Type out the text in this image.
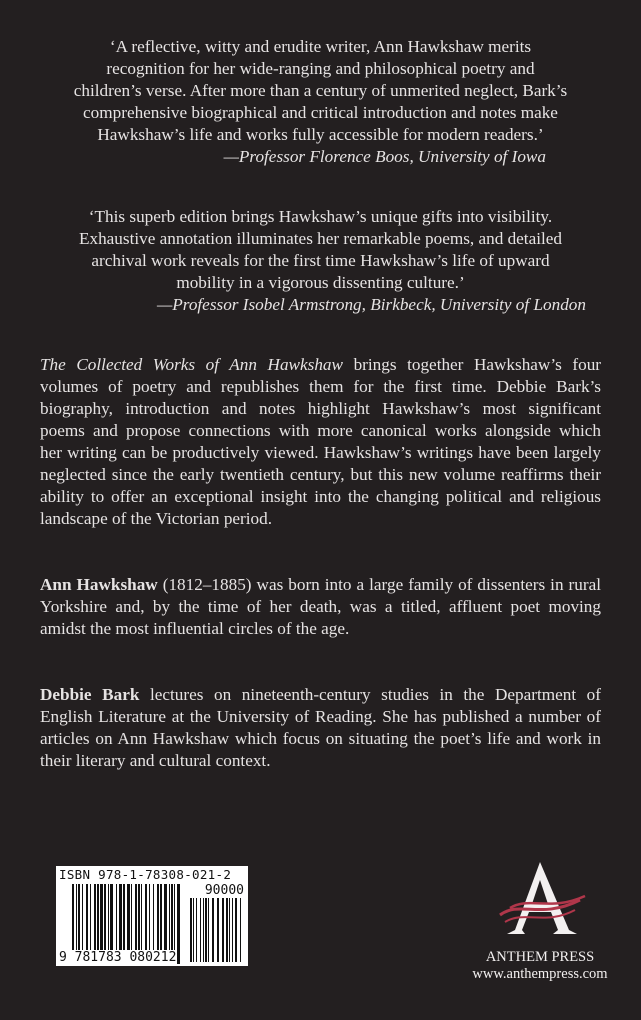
‘A reflective, witty and erudite writer, Ann Hawkshaw merits
recognition for her wide-ranging and philosophical poetry and
children’s verse. After more than a century of unmerited neglect, Bark’s
comprehensive biographical and critical introduction and notes make
Hawkshaw’s life and works fully accessible for modern readers.’
—Professor Florence Boos, University of Iowa
‘This superb edition brings Hawkshaw’s unique gifts into visibility.
Exhaustive annotation illuminates her remarkable poems, and detailed
archival work reveals for the first time Hawkshaw’s life of upward
mobility in a vigorous dissenting culture.’
—Professor Isobel Armstrong, Birkbeck, University of London
The Collected Works of Ann Hawkshaw brings together Hawkshaw’s four
volumes of poetry and republishes them for the first time. Debbie Bark’s
biography, introduction and notes highlight Hawkshaw’s most significant
poems and propose connections with more canonical works alongside which
her writing can be productively viewed. Hawkshaw’s writings have been largely
neglected since the early twentieth century, but this new volume reaffirms their
ability to offer an exceptional insight into the changing political and religious
landscape of the Victorian period.
Ann Hawkshaw (1812–1885) was born into a large family of dissenters in rural
Yorkshire and, by the time of her death, was a titled, affluent poet moving
amidst the most influential circles of the age.
Debbie Bark lectures on nineteenth-century studies in the Department of
English Literature at the University of Reading. She has published a number of
articles on Ann Hawkshaw which focus on situating the poet’s life and work in
their literary and cultural context.
ISBN 978-1-78308-021-2
90000
9 781783 080212	ANTHEM PRESS
www.anthempress.com
